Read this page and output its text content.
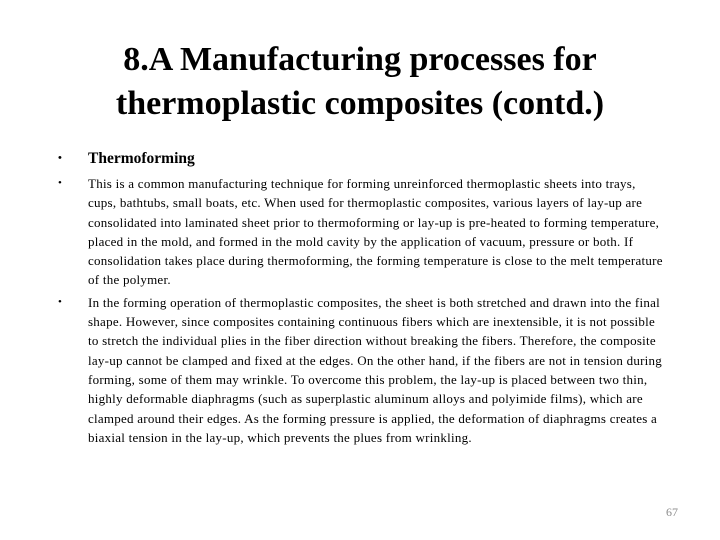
8.A Manufacturing processes for thermoplastic composites (contd.)
• Thermoforming
• This is a common manufacturing technique for forming unreinforced thermoplastic sheets into trays, cups, bathtubs, small boats, etc. When used for thermoplastic composites, various layers of lay-up are consolidated into laminated sheet prior to thermoforming or lay-up is pre-heated to forming temperature, placed in the mold, and formed in the mold cavity by the application of vacuum, pressure or both. If consolidation takes place during thermoforming, the forming temperature is close to the melt temperature of the polymer.
• In the forming operation of thermoplastic composites, the sheet is both stretched and drawn into the final shape. However, since composites containing continuous fibers which are inextensible, it is not possible to stretch the individual plies in the fiber direction without breaking the fibers. Therefore, the composite lay-up cannot be clamped and fixed at the edges. On the other hand, if the fibers are not in tension during forming, some of them may wrinkle. To overcome this problem, the lay-up is placed between two thin, highly deformable diaphragms (such as superplastic aluminum alloys and polyimide films), which are clamped around their edges. As the forming pressure is applied, the deformation of diaphragms creates a biaxial tension in the lay-up, which prevents the plues from wrinkling.
67
